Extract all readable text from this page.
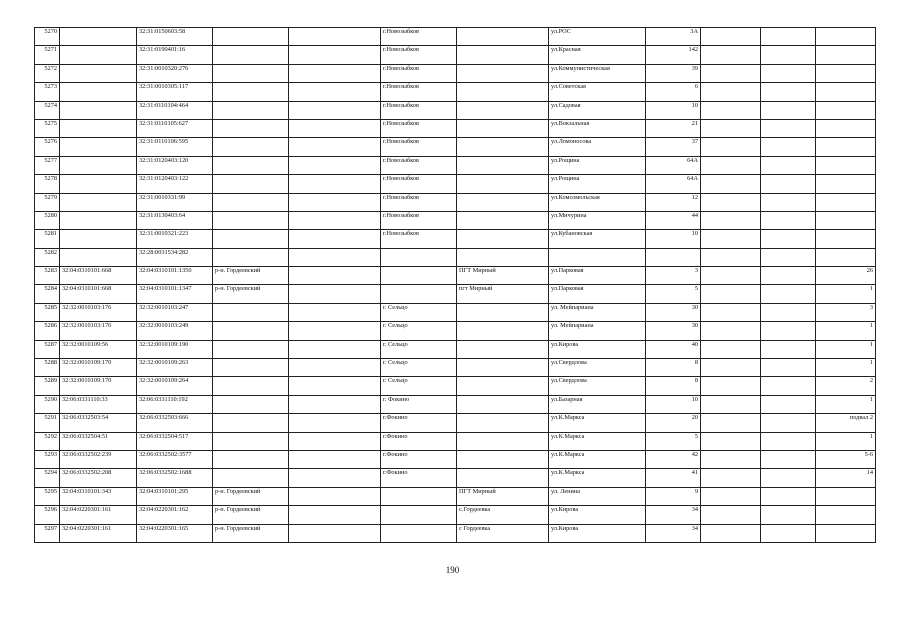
5270		32:31:0150603:58			г.Новозыбков		ул.РОС	3А			
5271		32:31:0190401:16			г.Новозыбков		ул.Красная	142			
5272		32:31:0010320:276			г.Новозыбков		ул.Коммунистическая	39			
5273		32:31:0010305:117			г.Новозыбков		ул.Советская	6			
5274		32:31:0110104:464			г.Новозыбков		ул.Садовая	10			
5275		32:31:0110105:627			г.Новозыбков		ул.Вокзальная	21			
5276		32:31:0110106:595			г.Новозыбков		ул.Ломоносова	37			
5277		32:31:0120403:120			г.Новозыбков		ул.Рощина	64А			
5278		32:31:0120403:122			г.Новозыбков		ул.Рощина	64А			
5279		32:31:0010331:99			г.Новозыбков		ул.Комсомольская	12			
5280		32:31:0130403:64			г.Новозыбков		ул.Мичурина	44			
5281		32:31:0010321:223			г.Новозыбков		ул.Кубановская	10			
5282		32:28:0031534:282									
5283	32:04:0310101:668	32:04:0310101:1350	р-н. Гордеевский			ПГТ Мирный	ул.Парковая	3			26
5284	32:04:0310101:668	32:04:0310101:1347	р-н. Гордеевский			пгт Мирный	ул.Парковая	5			1
5285	32:32:0010103:176	32:32:0010103:247			г. Сельцо		ул. Мейпариана	30			3
5286	32:32:0010103:176	32:32:0010103:249			г. Сельцо		ул. Мейпариана	30			1
5287	32:32:0010109:56	32:32:0010109:190			г. Сельцо		ул.Кирова	40			1
5288	32:32:0010109:170	32:32:0010109:263			г. Сельцо		ул.Свердлова	8			1
5289	32:32:0010109:170	32:32:0010109:264			г. Сельцо		ул.Свердлова	8			2
5290	32:06:0331110:33	32:06:0331110:192			г. Фокино		ул.Базарная	10			1
5291	32:06:0332503:54	32:06:0332503:666			г.Фокино		ул.К.Маркса	20			подвал 2
5292	32:06:0332504:51	32:06:0332504:517			г.Фокино		ул.К.Маркса	5			1
5293	32:06:0332502:239	32:06:0332502:3577			г.Фокино		ул.К.Маркса	42			5-6
5294	32:06:0332502:208	32:06:0332502:1688			г.Фокино		ул.К.Маркса	41			14
5295	32:04:0310101:343	32:04:0310101:295	р-н. Гордеевский			ПГТ Мирный	ул. Ленина	9			
5296	32:04:0220301:161	32:04:0220301:162	р-н. Гордеевский			с.Гордеевка	ул.Кирова	34			
5297	32:04:0220301:161	32:04:0220301:165	р-н. Гордеевский			с Гордеевка	ул.Кирова	34			
190
